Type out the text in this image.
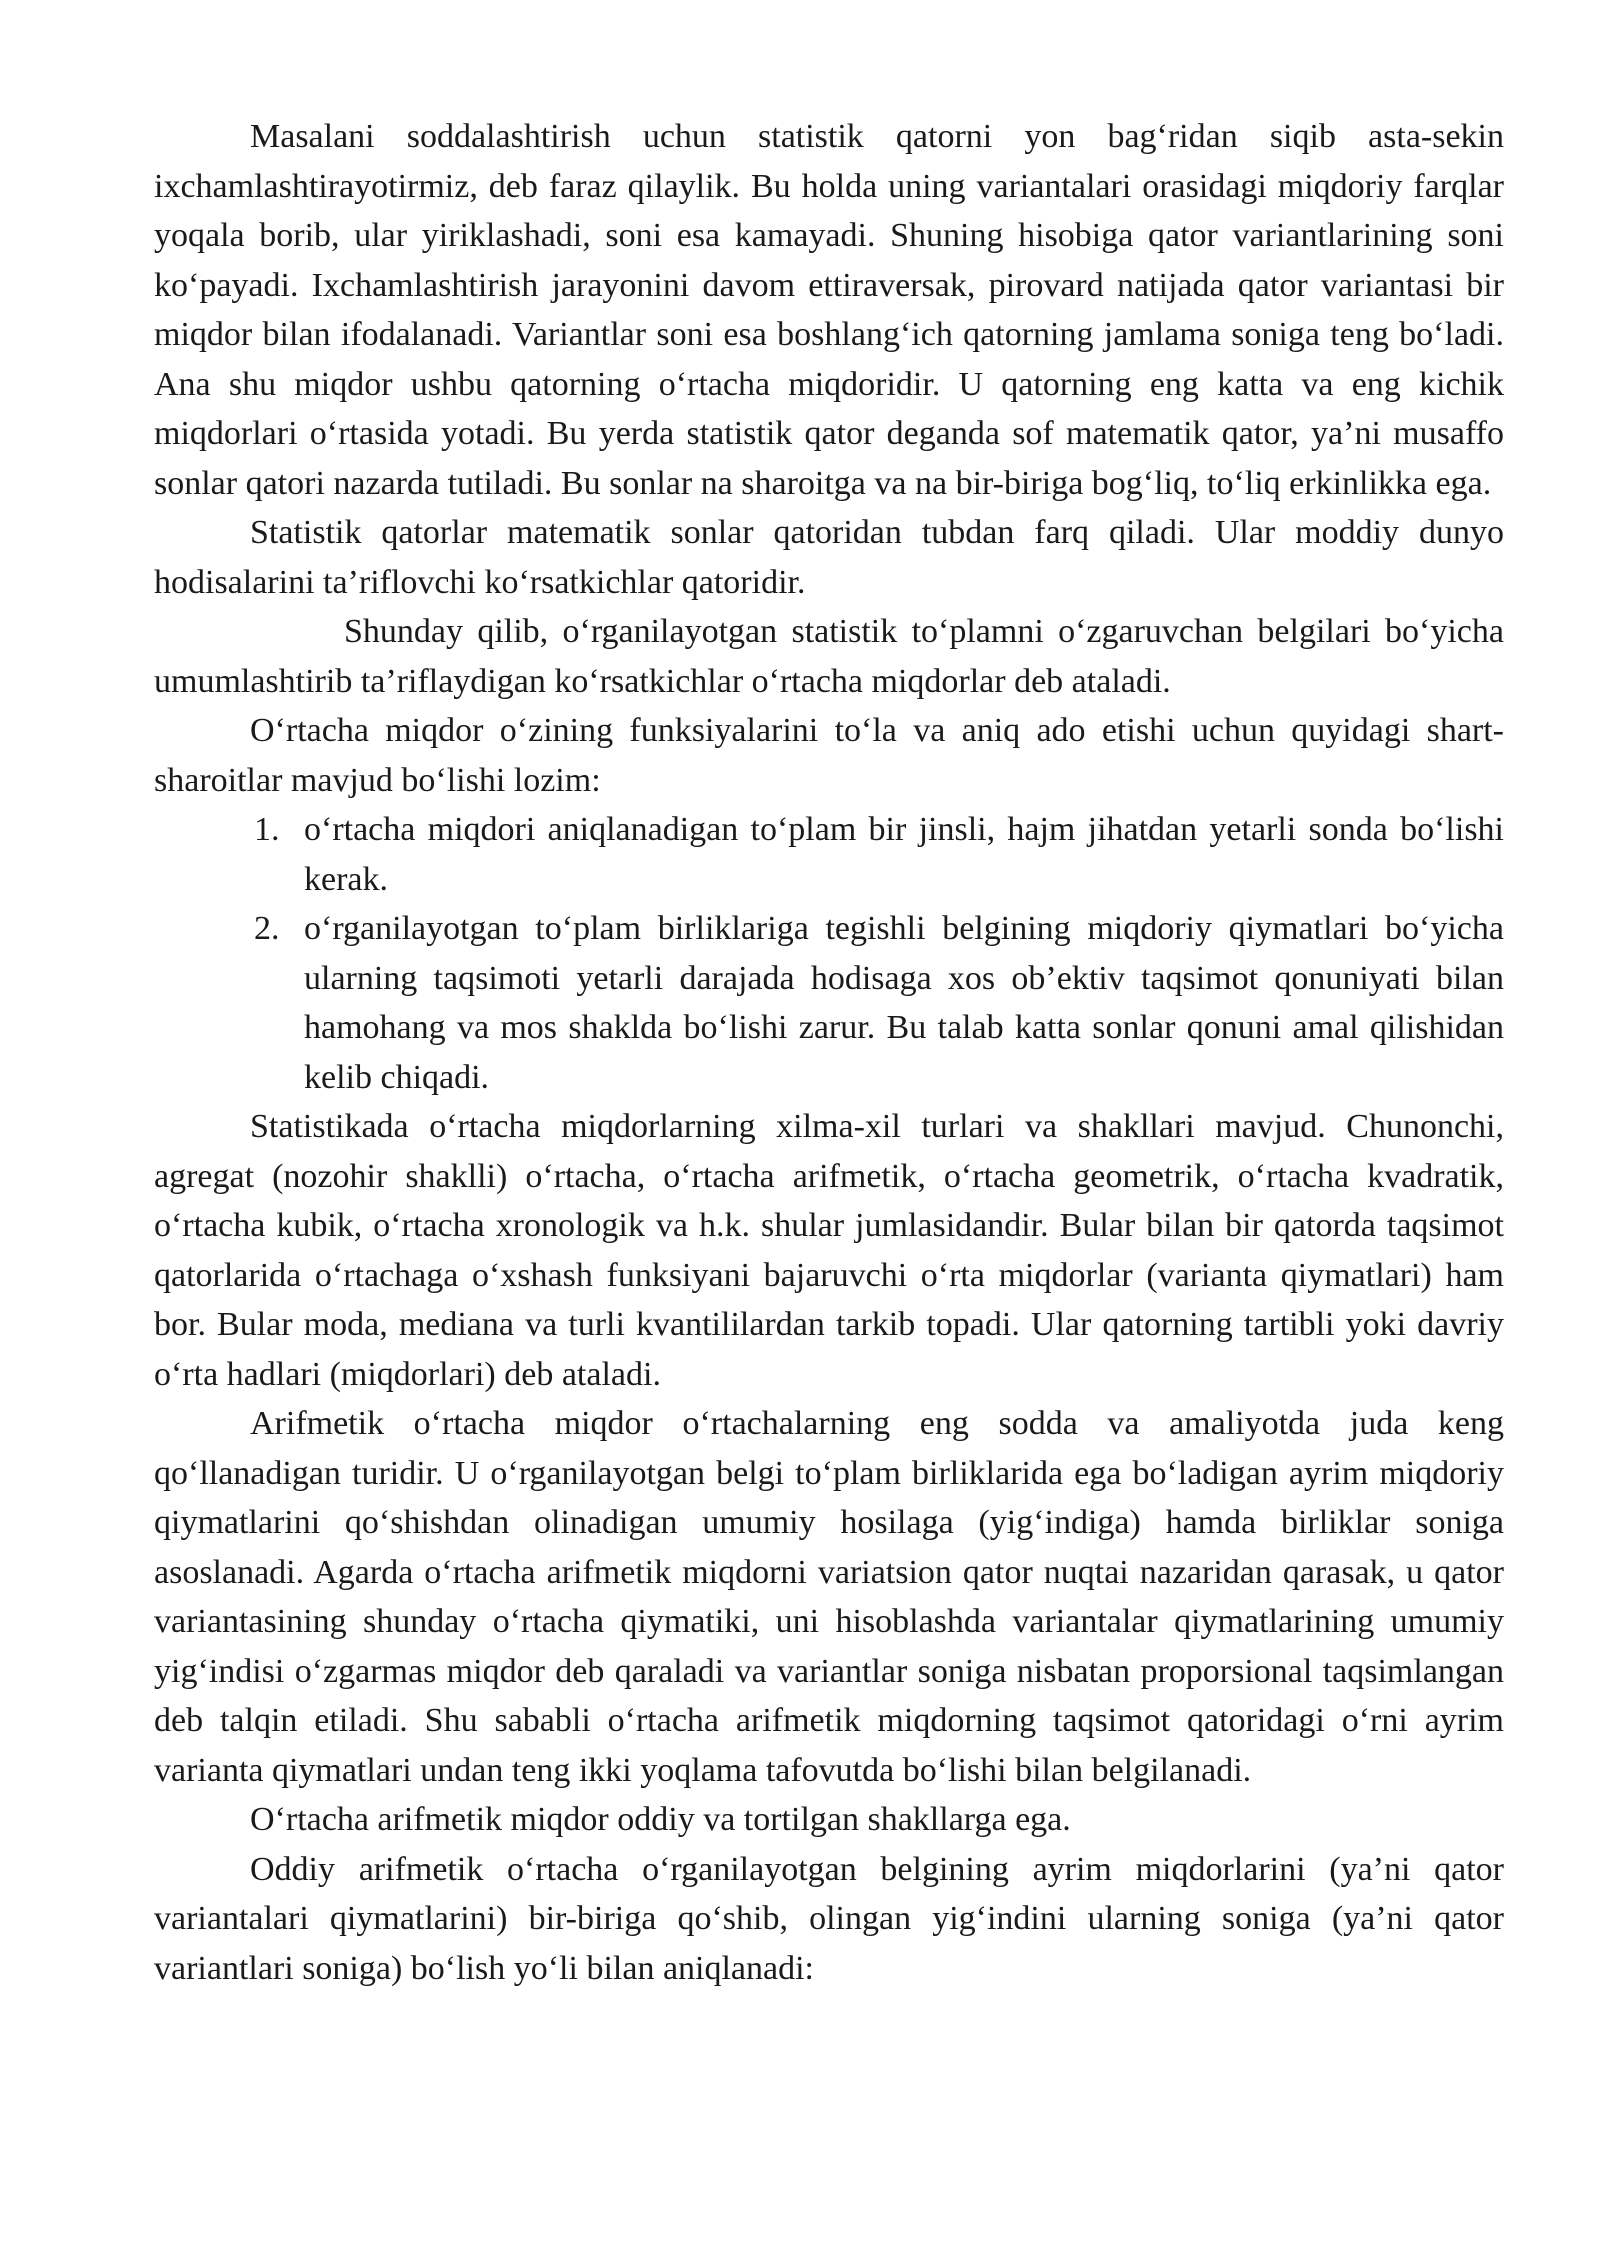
Masalani soddalashtirish uchun statistik qatorni yon bag‘ridan siqib asta-sekin ixchamlashtirayotirmiz, deb faraz qilaylik. Bu holda uning variantalari orasidagi miqdoriy farqlar yoqala borib, ular yiriklashadi, soni esa kamayadi. Shuning hisobiga qator variantlarining soni ko‘payadi. Ixchamlashtirish jarayonini davom ettiraversak, pirovard natijada qator variantasi bir miqdor bilan ifodalanadi. Variantlar soni esa boshlang‘ich qatorning jamlama soniga teng bo‘ladi. Ana shu miqdor ushbu qatorning o‘rtacha miqdoridir. U qatorning eng katta va eng kichik miqdorlari o‘rtasida yotadi. Bu yerda statistik qator deganda sof matematik qator, ya’ni musaffo sonlar qatori nazarda tutiladi. Bu sonlar na sharoitga va na bir-biriga bog‘liq, to‘liq erkinlikka ega.

Statistik qatorlar matematik sonlar qatoridan tubdan farq qiladi. Ular moddiy dunyo hodisalarini ta’riflovchi ko‘rsatkichlar qatoridir.

Shunday qilib, o‘rganilayotgan statistik to‘plamni o‘zgaruvchan belgilari bo‘yicha umumlashtirib ta’riflaydigan ko‘rsatkichlar o‘rtacha miqdorlar deb ataladi.

O‘rtacha miqdor o‘zining funksiyalarini to‘la va aniq ado etishi uchun quyidagi shart-sharoitlar mavjud bo‘lishi lozim:

1. o‘rtacha miqdori aniqlanadigan to‘plam bir jinsli, hajm jihatdan yetarli sonda bo‘lishi kerak.
2. o‘rganilayotgan to‘plam birliklariga tegishli belgining miqdoriy qiymatlari bo‘yicha ularning taqsimoti yetarli darajada hodisaga xos ob’ektiv taqsimot qonuniyati bilan hamohang va mos shaklda bo‘lishi zarur. Bu talab katta sonlar qonuni amal qilishidan kelib chiqadi.

Statistikada o‘rtacha miqdorlarning xilma-xil turlari va shakllari mavjud. Chunonchi, agregat (nozohir shaklli) o‘rtacha, o‘rtacha arifmetik, o‘rtacha geometrik, o‘rtacha kvadratik, o‘rtacha kubik, o‘rtacha xronologik va h.k. shular jumlasidandir. Bular bilan bir qatorda taqsimot qatorlarida o‘rtachaga o‘xshash funksiyani bajaruvchi o‘rta miqdorlar (varianta qiymatlari) ham bor. Bular moda, mediana va turli kvantililardan tarkib topadi. Ular qatorning tartibli yoki davriy o‘rta hadlari (miqdorlari) deb ataladi.

Arifmetik o‘rtacha miqdor o‘rtachalarning eng sodda va amaliyotda juda keng qo‘llanadigan turidir. U o‘rganilayotgan belgi to‘plam birliklarida ega bo‘ladigan ayrim miqdoriy qiymatlarini qo‘shishdan olinadigan umumiy hosilaga (yig‘indiga) hamda birliklar soniga asoslanadi. Agarda o‘rtacha arifmetik miqdorni variatsion qator nuqtai nazaridan qarasak, u qator variantasining shunday o‘rtacha qiymatiki, uni hisoblashda variantalar qiymatlarining umumiy yig‘indisi o‘zgarmas miqdor deb qaraladi va variantlar soniga nisbatan proporsional taqsimlangan deb talqin etiladi. Shu sababli o‘rtacha arifmetik miqdorning taqsimot qatoridagi o‘rni ayrim varianta qiymatlari undan teng ikki yoqlama tafovutda bo‘lishi bilan belgilanadi.

O‘rtacha arifmetik miqdor oddiy va tortilgan shakllarga ega.

Oddiy arifmetik o‘rtacha o‘rganilayotgan belgining ayrim miqdorlarini (ya’ni qator variantalari qiymatlarini) bir-biriga qo‘shib, olingan yig‘indini ularning soniga (ya’ni qator variantlari soniga) bo‘lish yo‘li bilan aniqlanadi:
